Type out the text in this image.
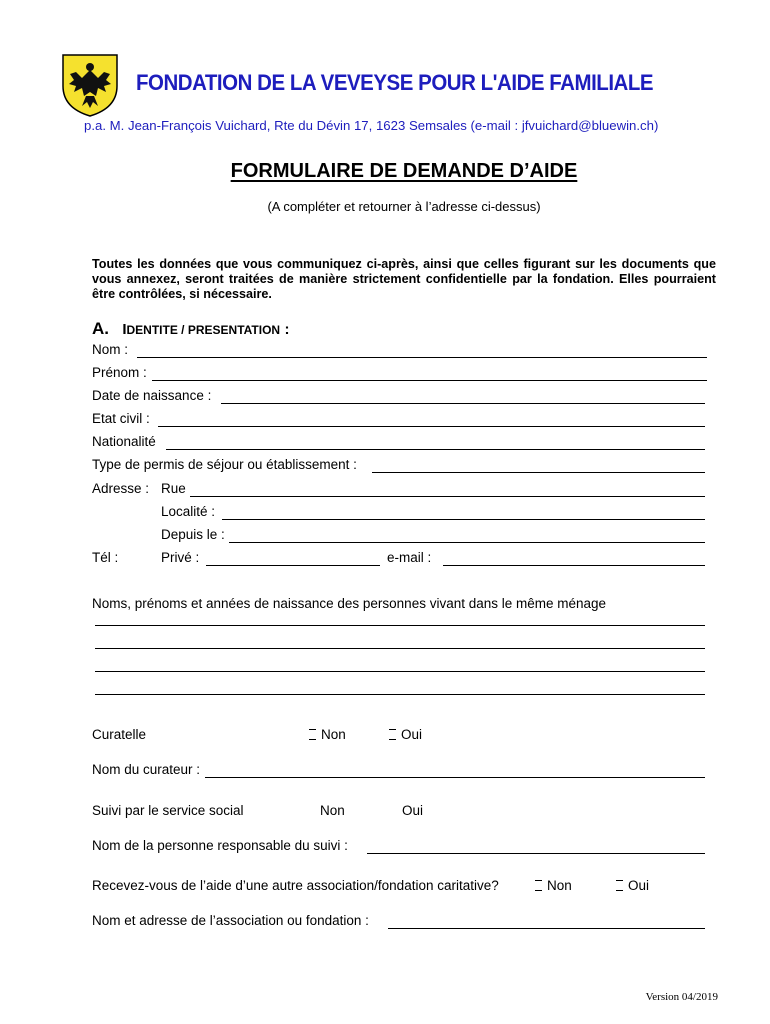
FONDATION DE LA VEVEYSE POUR L'AIDE FAMILIALE
p.a. M. Jean-François Vuichard, Rte du Dévin 17, 1623 Semsales (e-mail : jfvuichard@bluewin.ch)
FORMULAIRE DE DEMANDE D’AIDE
(A compléter et retourner à l’adresse ci-dessus)
Toutes les données que vous communiquez ci-après, ainsi que celles figurant sur les documents que vous annexez, seront traitées de manière strictement confidentielle par la fondation. Elles pourraient être contrôlées, si nécessaire.
A. IDENTITE / PRESENTATION :
Nom :
Prénom :
Date de naissance :
Etat civil :
Nationalité
Type de permis de séjour ou établissement :
Adresse : Rue
Localité :
Depuis le :
Tél :	Privé :	e-mail :
Noms, prénoms et années de naissance des personnes vivant dans le même ménage
Curatelle	Non	Oui
Nom du curateur :
Suivi par le service social	Non	Oui
Nom de la personne responsable du suivi :
Recevez-vous de l’aide d’une autre association/fondation caritative?	Non	Oui
Nom et adresse de l’association ou fondation :
Version 04/2019
